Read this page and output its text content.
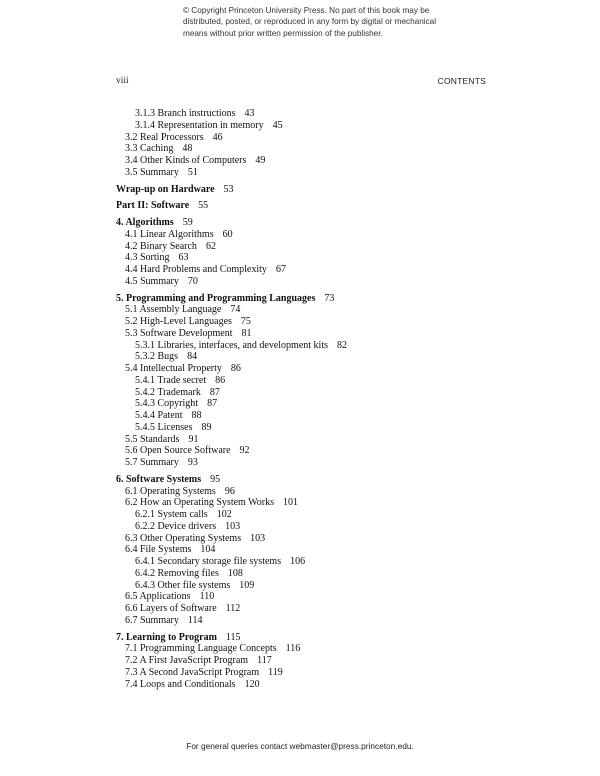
© Copyright Princeton University Press. No part of this book may be distributed, posted, or reproduced in any form by digital or mechanical means without prior written permission of the publisher.
viii	CONTENTS
3.1.3 Branch instructions 43
3.1.4 Representation in memory 45
3.2 Real Processors 46
3.3 Caching 48
3.4 Other Kinds of Computers 49
3.5 Summary 51
Wrap-up on Hardware 53
Part II: Software 55
4. Algorithms 59
4.1 Linear Algorithms 60
4.2 Binary Search 62
4.3 Sorting 63
4.4 Hard Problems and Complexity 67
4.5 Summary 70
5. Programming and Programming Languages 73
5.1 Assembly Language 74
5.2 High-Level Languages 75
5.3 Software Development 81
5.3.1 Libraries, interfaces, and development kits 82
5.3.2 Bugs 84
5.4 Intellectual Property 86
5.4.1 Trade secret 86
5.4.2 Trademark 87
5.4.3 Copyright 87
5.4.4 Patent 88
5.4.5 Licenses 89
5.5 Standards 91
5.6 Open Source Software 92
5.7 Summary 93
6. Software Systems 95
6.1 Operating Systems 96
6.2 How an Operating System Works 101
6.2.1 System calls 102
6.2.2 Device drivers 103
6.3 Other Operating Systems 103
6.4 File Systems 104
6.4.1 Secondary storage file systems 106
6.4.2 Removing files 108
6.4.3 Other file systems 109
6.5 Applications 110
6.6 Layers of Software 112
6.7 Summary 114
7. Learning to Program 115
7.1 Programming Language Concepts 116
7.2 A First JavaScript Program 117
7.3 A Second JavaScript Program 119
7.4 Loops and Conditionals 120
For general queries contact webmaster@press.princeton.edu.
